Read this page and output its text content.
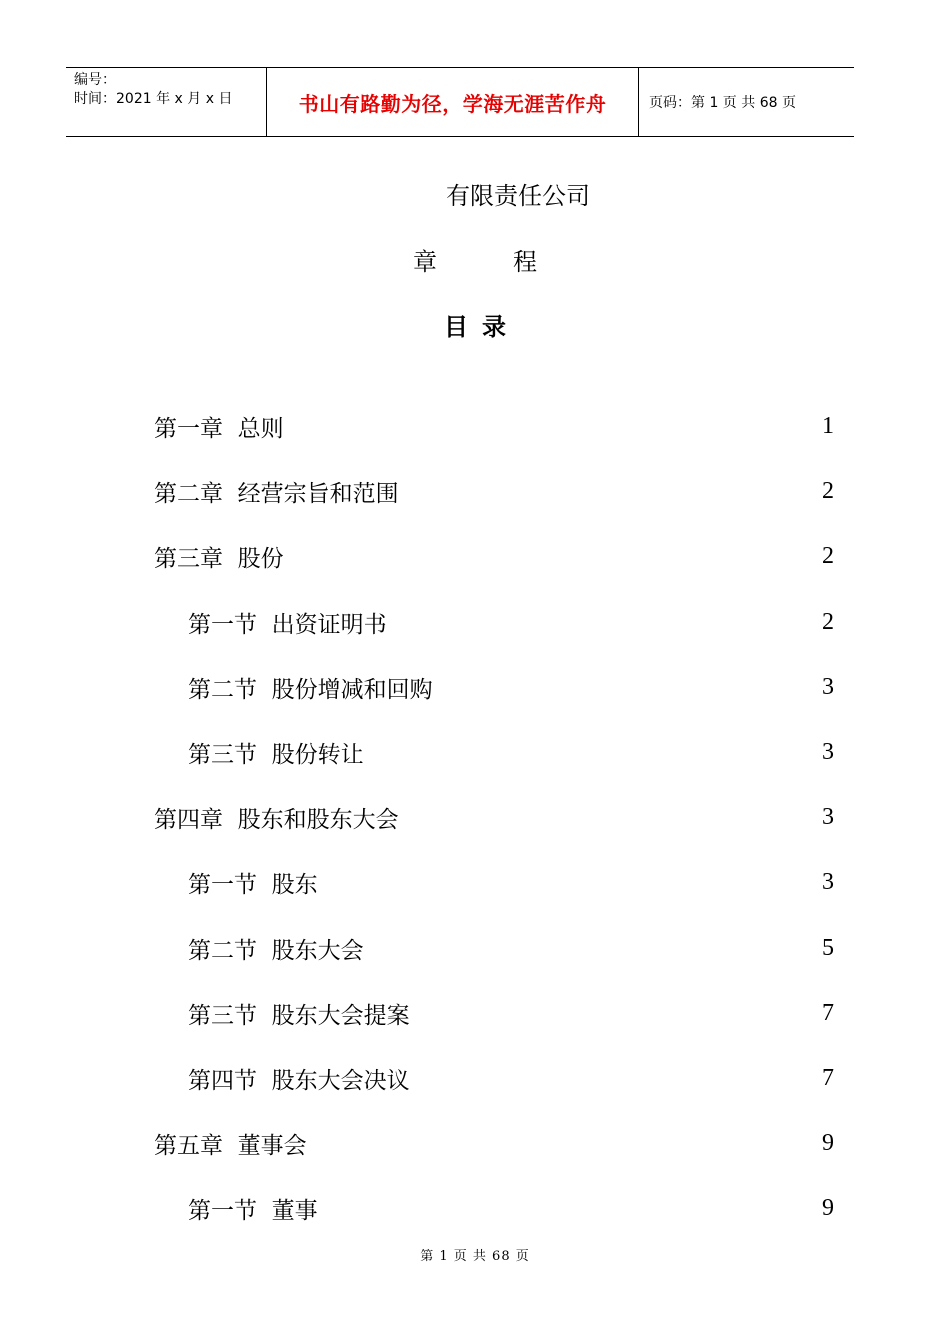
编号：
时间：2021 年 x 月 x 日	书山有路勤为径，学海无涯苦作舟	页码：第 1 页 共 68 页
有限责任公司
章	程
目 录
第一章  总则	1
第二章  经营宗旨和范围	2
第三章  股份	2
第一节  出资证明书	2
第二节  股份增减和回购	3
第三节  股份转让	3
第四章  股东和股东大会	3
第一节  股东	3
第二节  股东大会	5
第三节  股东大会提案	7
第四节  股东大会决议	7
第五章  董事会	9
第一节  董事	9
第 1 页 共 68 页
